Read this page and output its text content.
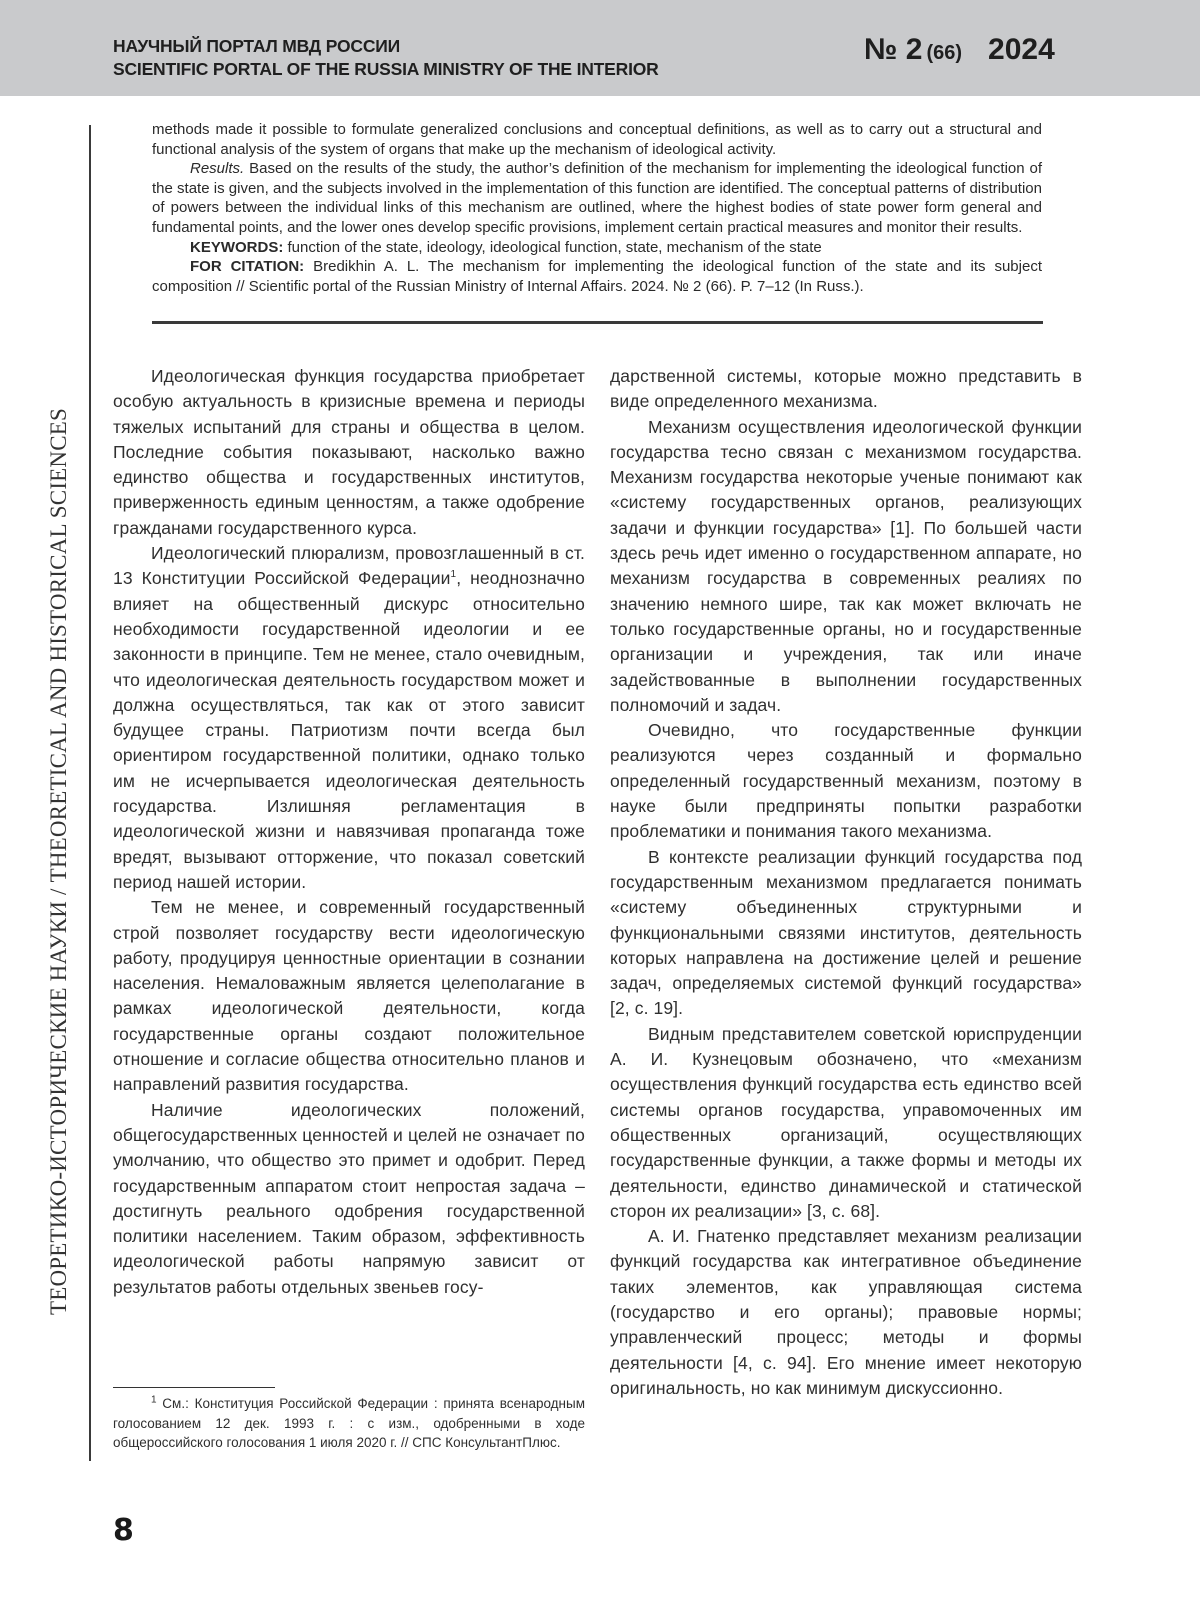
НАУЧНЫЙ ПОРТАЛ МВД РОССИИ
SCIENTIFIC PORTAL OF THE RUSSIA MINISTRY OF THE INTERIOR
№ 2 (66) 2024
ТЕОРЕТИКО-ИСТОРИЧЕСКИЕ НАУКИ / THEORETICAL AND HISTORICAL SCIENCES

methods made it possible to formulate generalized conclusions and conceptual definitions, as well as to carry out a structural and functional analysis of the system of organs that make up the mechanism of ideological activity.

Results. Based on the results of the study, the author’s definition of the mechanism for implementing the ideological function of the state is given, and the subjects involved in the implementation of this function are identified. The conceptual patterns of distribution of powers between the individual links of this mechanism are outlined, where the highest bodies of state power form general and fundamental points, and the lower ones develop specific provisions, implement certain practical measures and monitor their results.

KEYWORDS: function of the state, ideology, ideological function, state, mechanism of the state

FOR CITATION: Bredikhin A. L. The mechanism for implementing the ideological function of the state and its subject composition // Scientific portal of the Russian Ministry of Internal Affairs. 2024. № 2 (66). P. 7–12 (In Russ.).

Идеологическая функция государства приобретает особую актуальность в кризисные времена и периоды тяжелых испытаний для страны и общества в целом. Последние события показывают, насколько важно единство общества и государственных институтов, приверженность единым ценностям, а также одобрение гражданами государственного курса.

Идеологический плюрализм, провозглашенный в ст. 13 Конституции Российской Федерации$^1$, неоднозначно влияет на общественный дискурс относительно необходимости государственной идеологии и ее законности в принципе. Тем не менее, стало очевидным, что идеологическая деятельность государством может и должна осуществляться, так как от этого зависит будущее страны. Патриотизм почти всегда был ориентиром государственной политики, однако только им не исчерпывается идеологическая деятельность государства. Излишняя регламентация в идеологической жизни и навязчивая пропаганда тоже вредят, вызывают отторжение, что показал советский период нашей истории.

Тем не менее, и современный государственный строй позволяет государству вести идеологическую работу, продуцируя ценностные ориентации в сознании населения. Немаловажным является целеполагание в рамках идеологической деятельности, когда государственные органы создают положительное отношение и согласие общества относительно планов и направлений развития государства.

Наличие идеологических положений, общегосударственных ценностей и целей не означает по умолчанию, что общество это примет и одобрит. Перед государственным аппаратом стоит непростая задача – достигнуть реального одобрения государственной политики населением. Таким образом, эффективность идеологической работы напрямую зависит от результатов работы отдельных звеньев госу-

дарственной системы, которые можно представить в виде определенного механизма.

Механизм осуществления идеологической функции государства тесно связан с механизмом государства. Механизм государства некоторые ученые понимают как «систему государственных органов, реализующих задачи и функции государства» [1]. По большей части здесь речь идет именно о государственном аппарате, но механизм государства в современных реалиях по значению немного шире, так как может включать не только государственные органы, но и государственные организации и учреждения, так или иначе задействованные в выполнении государственных полномочий и задач.

Очевидно, что государственные функции реализуются через созданный и формально определенный государственный механизм, поэтому в науке были предприняты попытки разработки проблематики и понимания такого механизма.

В контексте реализации функций государства под государственным механизмом предлагается понимать «систему объединенных структурными и функциональными связями институтов, деятельность которых направлена на достижение целей и решение задач, определяемых системой функций государства» [2, с. 19].

Видным представителем советской юриспруденции А. И. Кузнецовым обозначено, что «механизм осуществления функций государства есть единство всей системы органов государства, управомоченных им общественных организаций, осуществляющих государственные функции, а также формы и методы их деятельности, единство динамической и статической сторон их реализации» [3, с. 68].

А. И. Гнатенко представляет механизм реализации функций государства как интегративное объединение таких элементов, как управляющая система (государство и его органы); правовые нормы; управленческий процесс; методы и формы деятельности [4, с. 94]. Его мнение имеет некоторую оригинальность, но как минимум дискуссионно.

$^1$ См.: Конституция Российской Федерации : принята всенародным голосованием 12 дек. 1993 г. : с изм., одобренными в ходе общероссийского голосования 1 июля 2020 г. // СПС КонсультантПлюс.

8
